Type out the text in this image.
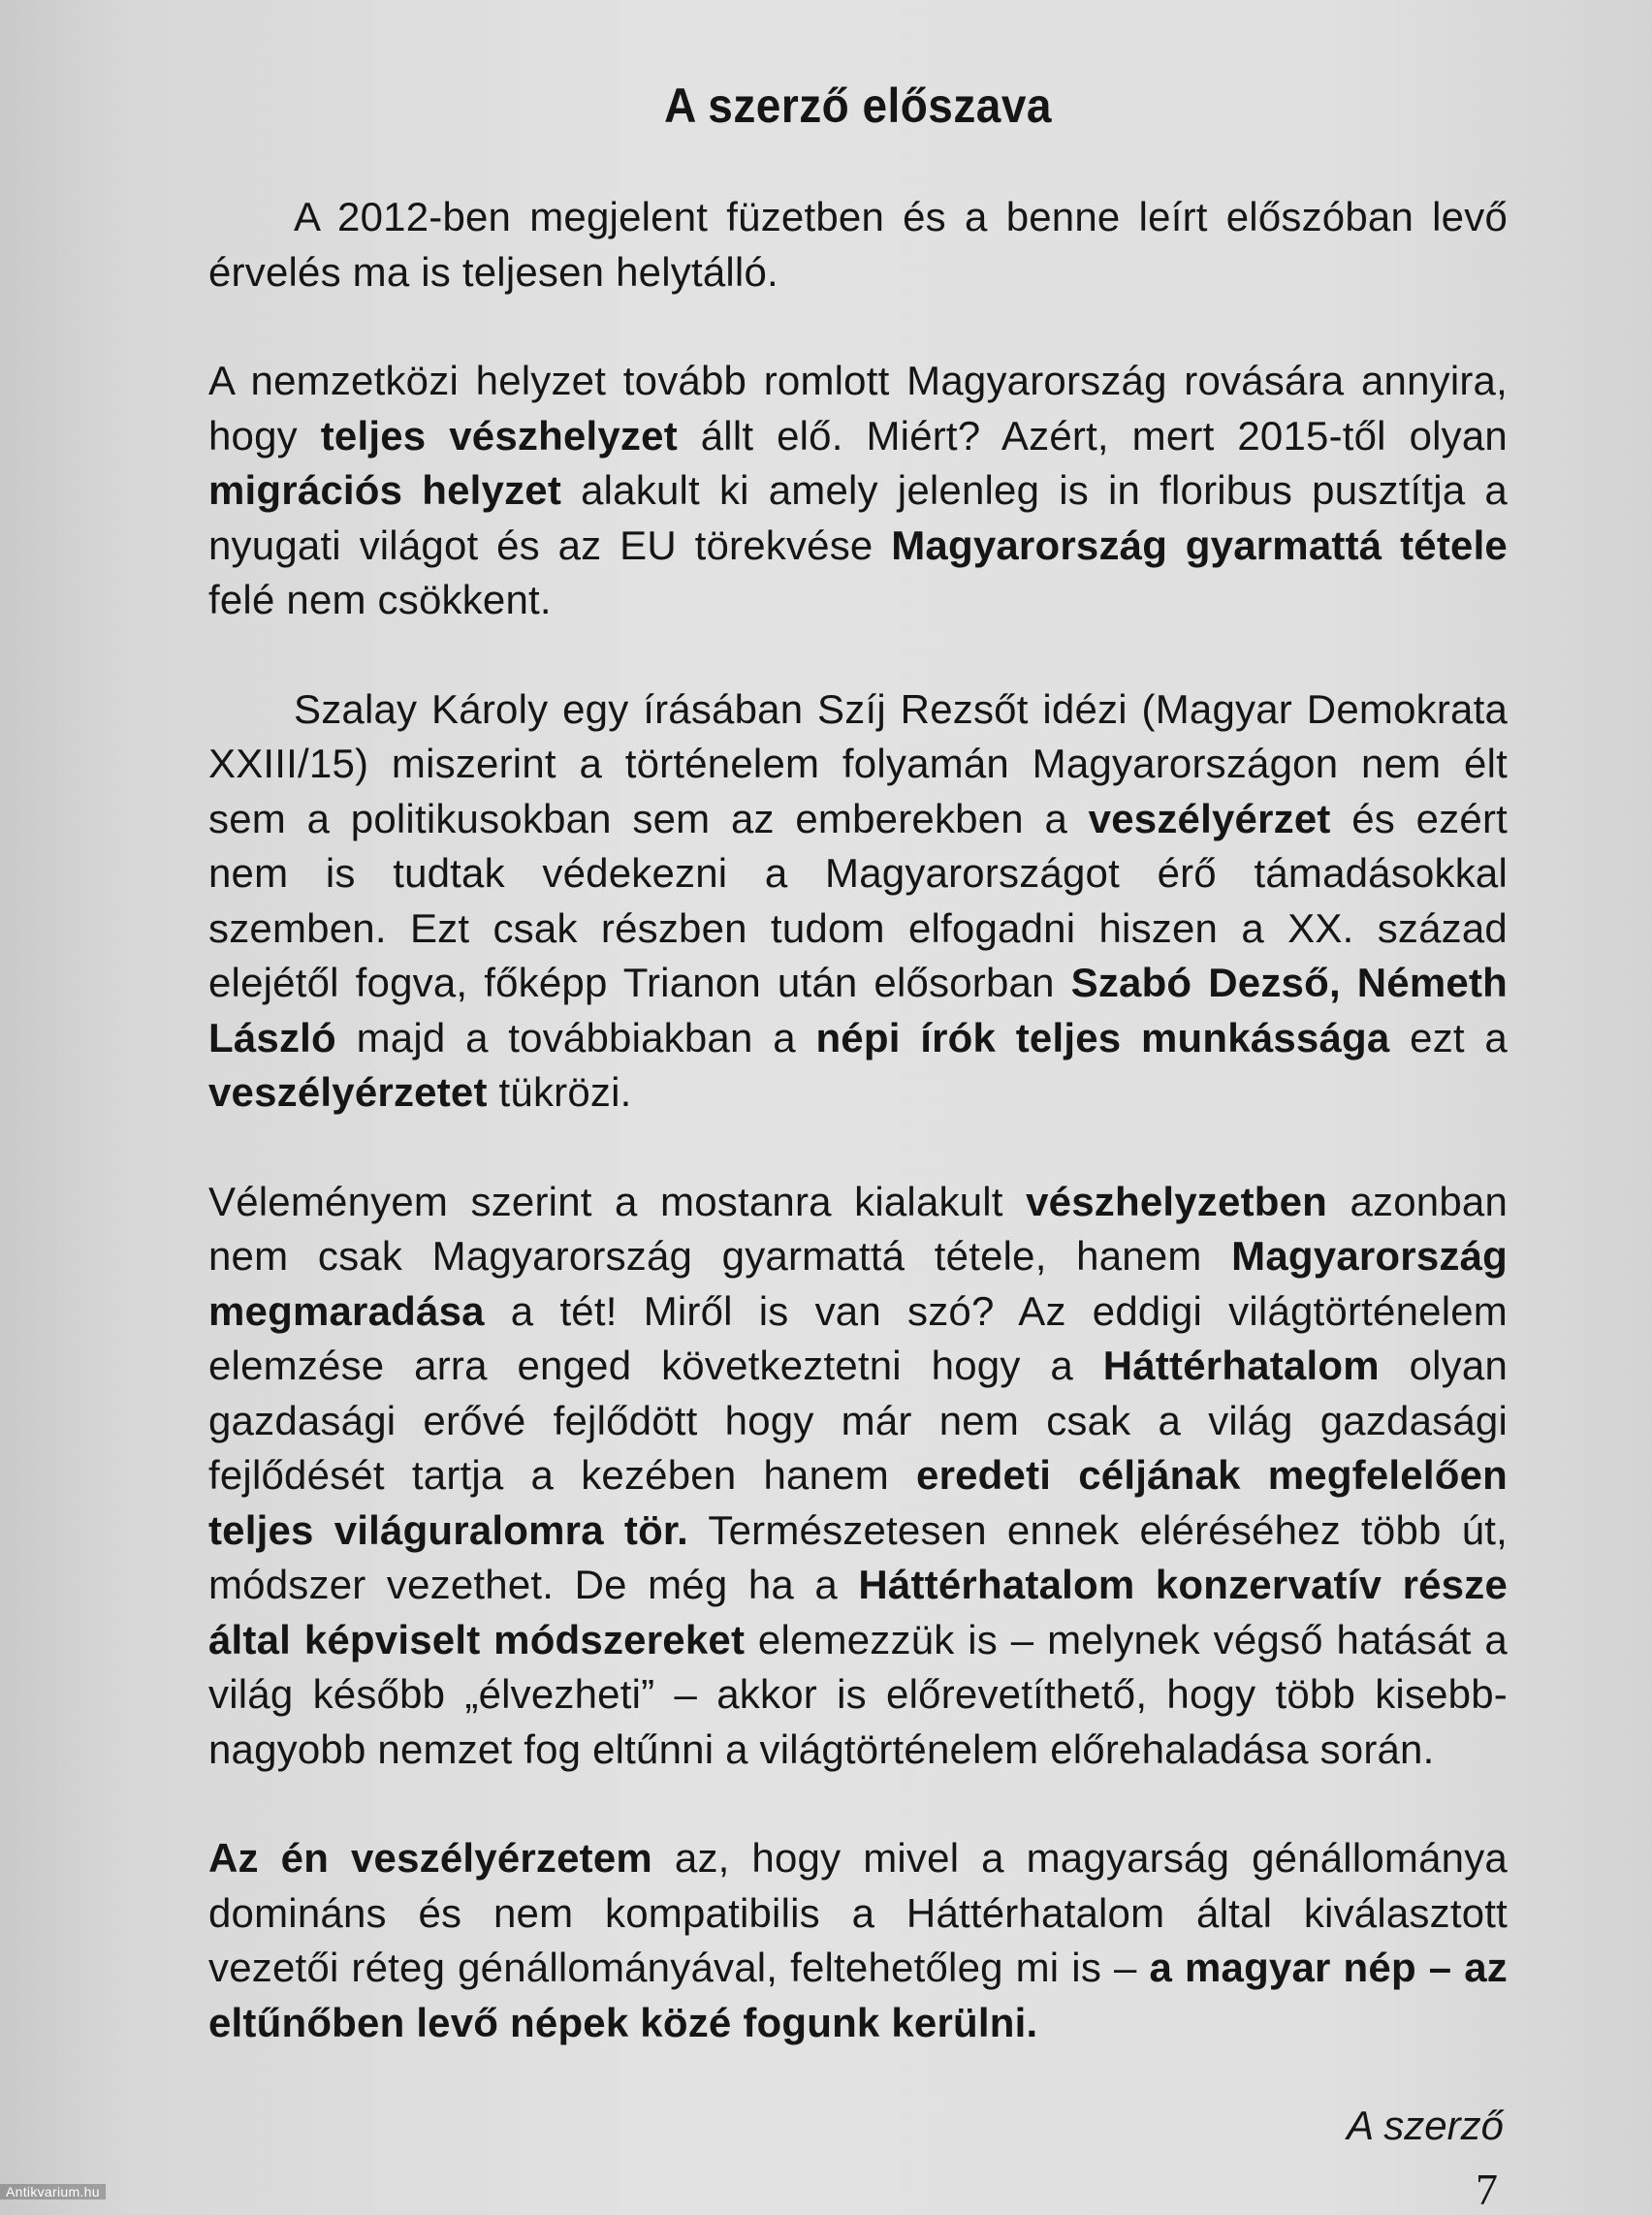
A szerző előszava

A 2012-ben megjelent füzetben és a benne leírt előszóban levő érvelés ma is teljesen helytálló.

A nemzetközi helyzet tovább romlott Magyarország rovására annyira, hogy teljes vészhelyzet állt elő. Miért? Azért, mert 2015-től olyan migrációs helyzet alakult ki amely jelenleg is in floribus pusztítja a nyugati világot és az EU törekvése Magyarország gyarmattá tétele felé nem csökkent.

Szalay Károly egy írásában Szíj Rezsőt idézi (Magyar Demokrata XXIII/15) miszerint a történelem folyamán Magyarországon nem élt sem a politikusokban sem az emberekben a veszélyérzet és ezért nem is tudtak védekezni a Magyarországot érő támadásokkal szemben. Ezt csak részben tudom elfogadni hiszen a XX. század elejétől fogva, főképp Trianon után elősorban Szabó Dezső, Németh László majd a továbbiakban a népi írók teljes munkássága ezt a veszélyérzetet tükrözi.

Véleményem szerint a mostanra kialakult vészhelyzetben azonban nem csak Magyarország gyarmattá tétele, hanem Magyarország megmaradása a tét! Miről is van szó? Az eddigi világtörténelem elemzése arra enged következtetni hogy a Háttérhatalom olyan gazdasági erővé fejlődött hogy már nem csak a világ gazdasági fejlődését tartja a kezében hanem eredeti céljának megfelelően teljes világuralomra tör. Természetesen ennek eléréséhez több út, módszer vezethet. De még ha a Háttérhatalom konzervatív része által képviselt módszereket elemezzük is – melynek végső hatását a világ később „élvezheti” – akkor is előrevetíthető, hogy több kisebb-nagyobb nemzet fog eltűnni a világtörténelem előrehaladása során.

Az én veszélyérzetem az, hogy mivel a magyarság génállománya domináns és nem kompatibilis a Háttérhatalom által kiválasztott vezetői réteg génállományával, feltehetőleg mi is – a magyar nép – az eltűnőben levő népek közé fogunk kerülni.

A szerző
7
Antikvarium.hu
